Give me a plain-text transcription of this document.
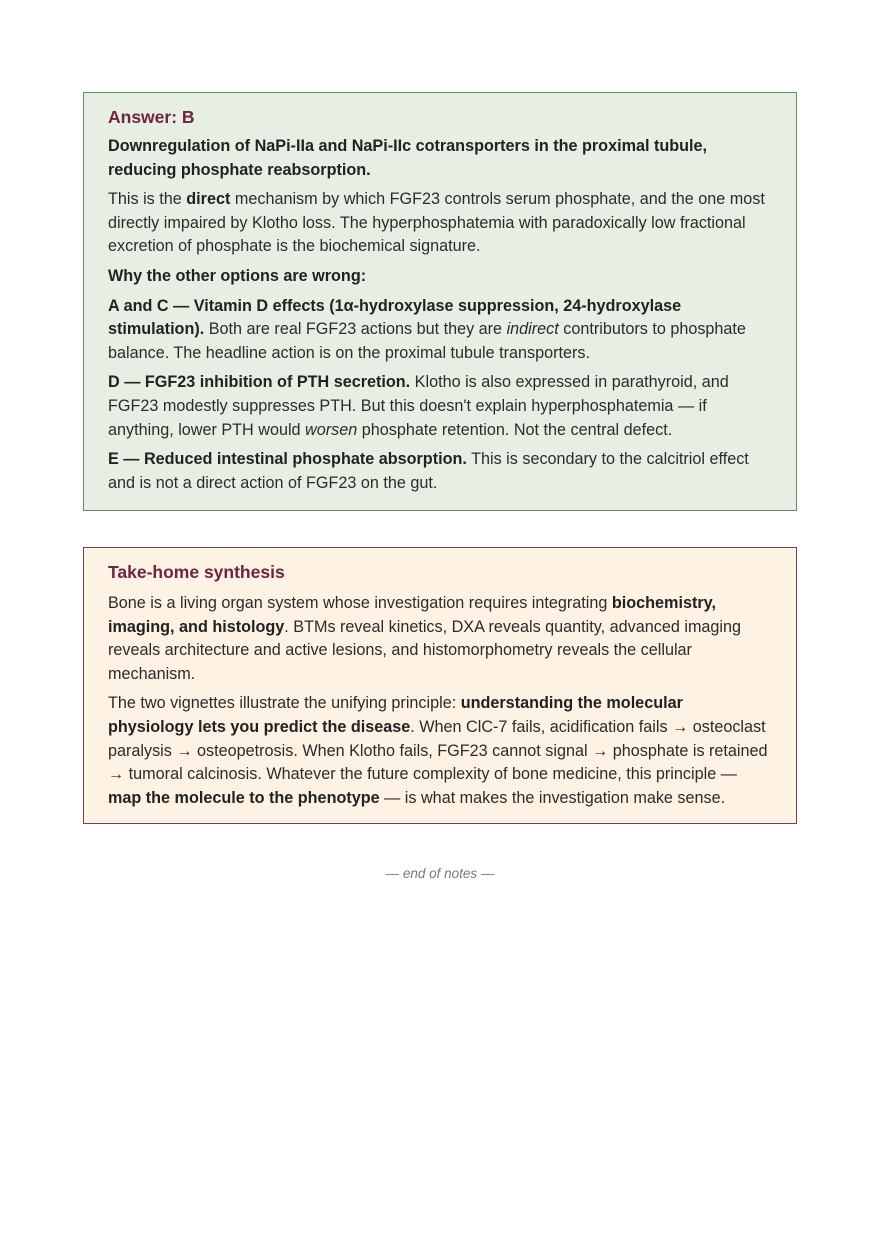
Answer: B

Downregulation of NaPi-IIa and NaPi-IIc cotransporters in the proximal tubule, reducing phosphate reabsorption.

This is the direct mechanism by which FGF23 controls serum phosphate, and the one most directly impaired by Klotho loss. The hyperphosphatemia with paradoxically low fractional excretion of phosphate is the biochemical signature.

Why the other options are wrong:

A and C — Vitamin D effects (1α-hydroxylase suppression, 24-hydroxylase stimulation). Both are real FGF23 actions but they are indirect contributors to phosphate balance. The headline action is on the proximal tubule transporters.

D — FGF23 inhibition of PTH secretion. Klotho is also expressed in parathyroid, and FGF23 modestly suppresses PTH. But this doesn't explain hyperphosphatemia — if anything, lower PTH would worsen phosphate retention. Not the central defect.

E — Reduced intestinal phosphate absorption. This is secondary to the calcitriol effect and is not a direct action of FGF23 on the gut.

Take-home synthesis

Bone is a living organ system whose investigation requires integrating biochemistry, imaging, and histology. BTMs reveal kinetics, DXA reveals quantity, advanced imaging reveals architecture and active lesions, and histomorphometry reveals the cellular mechanism.

The two vignettes illustrate the unifying principle: understanding the molecular physiology lets you predict the disease. When ClC-7 fails, acidification fails → osteoclast paralysis → osteopetrosis. When Klotho fails, FGF23 cannot signal → phosphate is retained → tumoral calcinosis. Whatever the future complexity of bone medicine, this principle — map the molecule to the phenotype — is what makes the investigation make sense.

— end of notes —
